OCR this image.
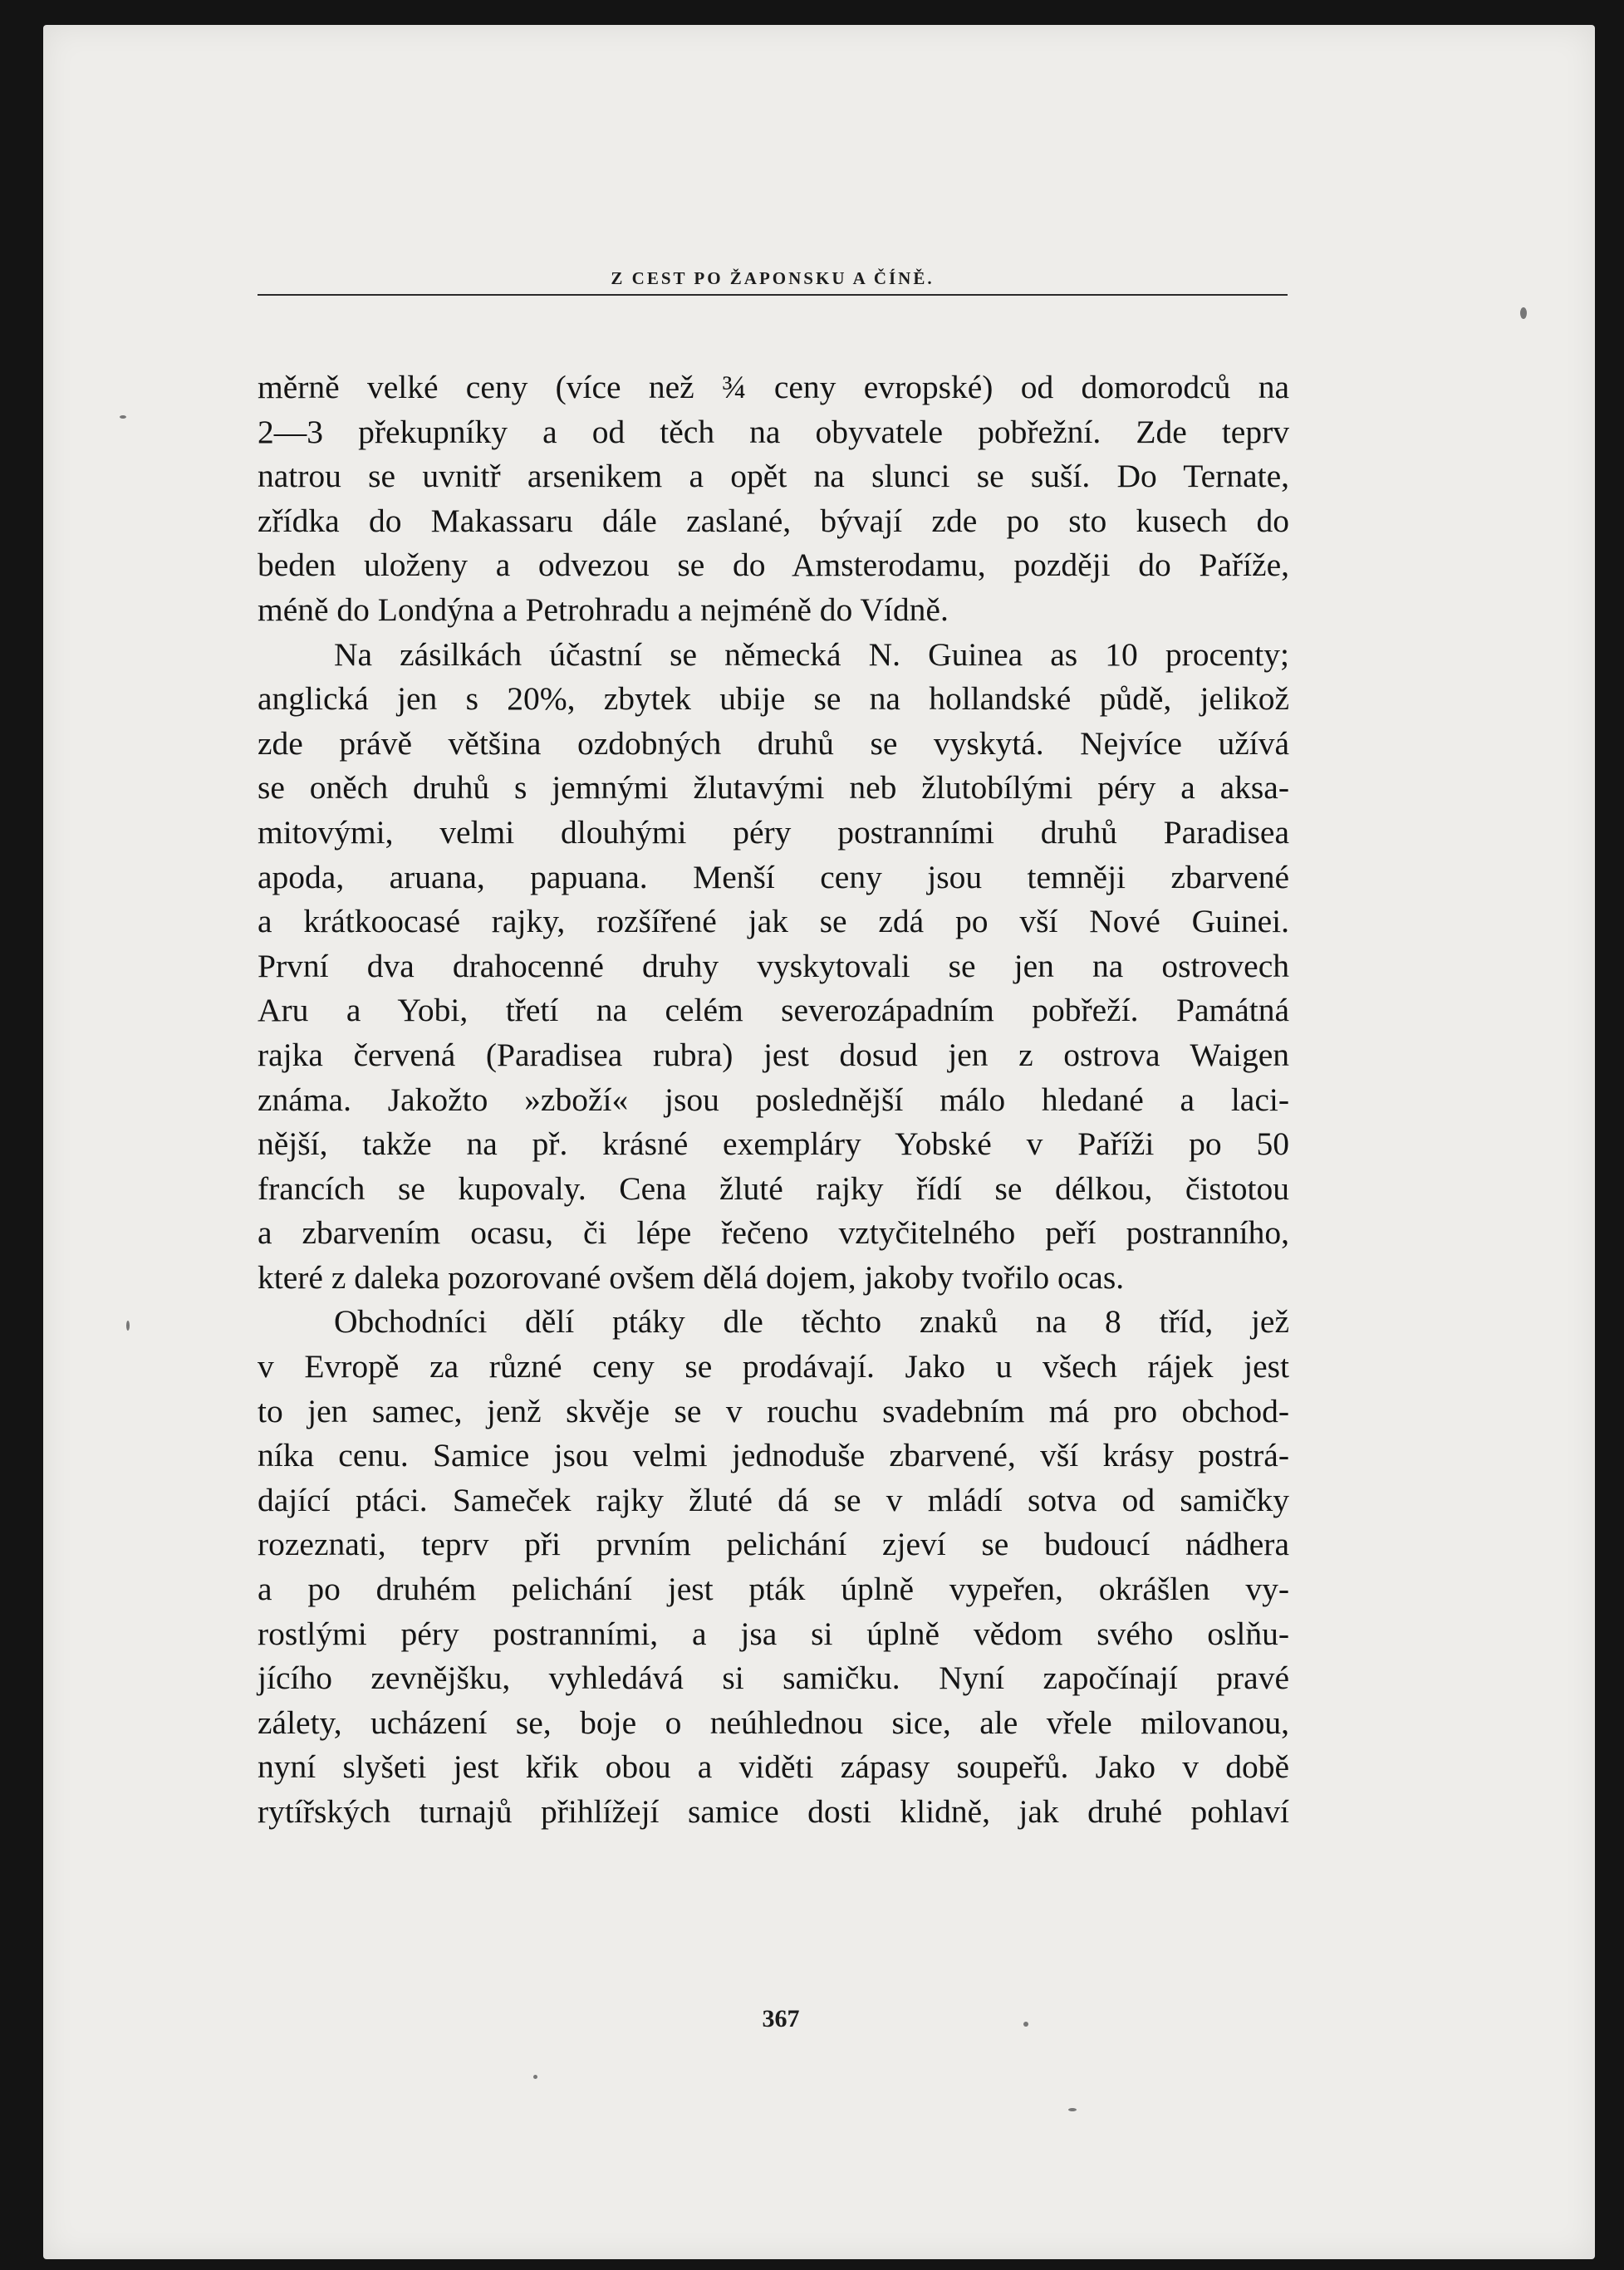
Z CEST PO ŽAPONSKU A ČÍNĚ.
měrně velké ceny (více než ¾ ceny evropské) od domorodců na
2—3 překupníky a od těch na obyvatele pobřežní. Zde teprv
natrou se uvnitř arsenikem a opět na slunci se suší. Do Ternate,
zřídka do Makassaru dále zaslané, bývají zde po sto kusech do
beden uloženy a odvezou se do Amsterodamu, později do Paříže,
méně do Londýna a Petrohradu a nejméně do Vídně.
Na zásilkách účastní se německá N. Guinea as 10 procenty;
anglická jen s 20%, zbytek ubije se na hollandské půdě, jelikož
zde právě většina ozdobných druhů se vyskytá. Nejvíce užívá
se oněch druhů s jemnými žlutavými neb žlutobílými péry a aksa-
mitovými, velmi dlouhými péry postranními druhů Paradisea
apoda, aruana, papuana. Menší ceny jsou temněji zbarvené
a krátkoocasé rajky, rozšířené jak se zdá po vší Nové Guinei.
První dva drahocenné druhy vyskytovali se jen na ostrovech
Aru a Yobi, třetí na celém severozápadním pobřeží. Památná
rajka červená (Paradisea rubra) jest dosud jen z ostrova Waigen
známa. Jakožto »zboží« jsou poslednější málo hledané a laci-
nější, takže na př. krásné exempláry Yobské v Paříži po 50
francích se kupovaly. Cena žluté rajky řídí se délkou, čistotou
a zbarvením ocasu, či lépe řečeno vztyčitelného peří postranního,
které z daleka pozorované ovšem dělá dojem, jakoby tvořilo ocas.
Obchodníci dělí ptáky dle těchto znaků na 8 tříd, jež
v Evropě za různé ceny se prodávají. Jako u všech rájek jest
to jen samec, jenž skvěje se v rouchu svadebním má pro obchod-
níka cenu. Samice jsou velmi jednoduše zbarvené, vší krásy postrá-
dající ptáci. Sameček rajky žluté dá se v mládí sotva od samičky
rozeznati, teprv při prvním pelichání zjeví se budoucí nádhera
a po druhém pelichání jest pták úplně vypeřen, okrášlen vy-
rostlými péry postranními, a jsa si úplně vědom svého oslňu-
jícího zevnějšku, vyhledává si samičku. Nyní započínají pravé
zálety, ucházení se, boje o neúhlednou sice, ale vřele milovanou,
nyní slyšeti jest křik obou a viděti zápasy soupeřů. Jako v době
rytířských turnajů přihlížejí samice dosti klidně, jak druhé pohlaví
367
